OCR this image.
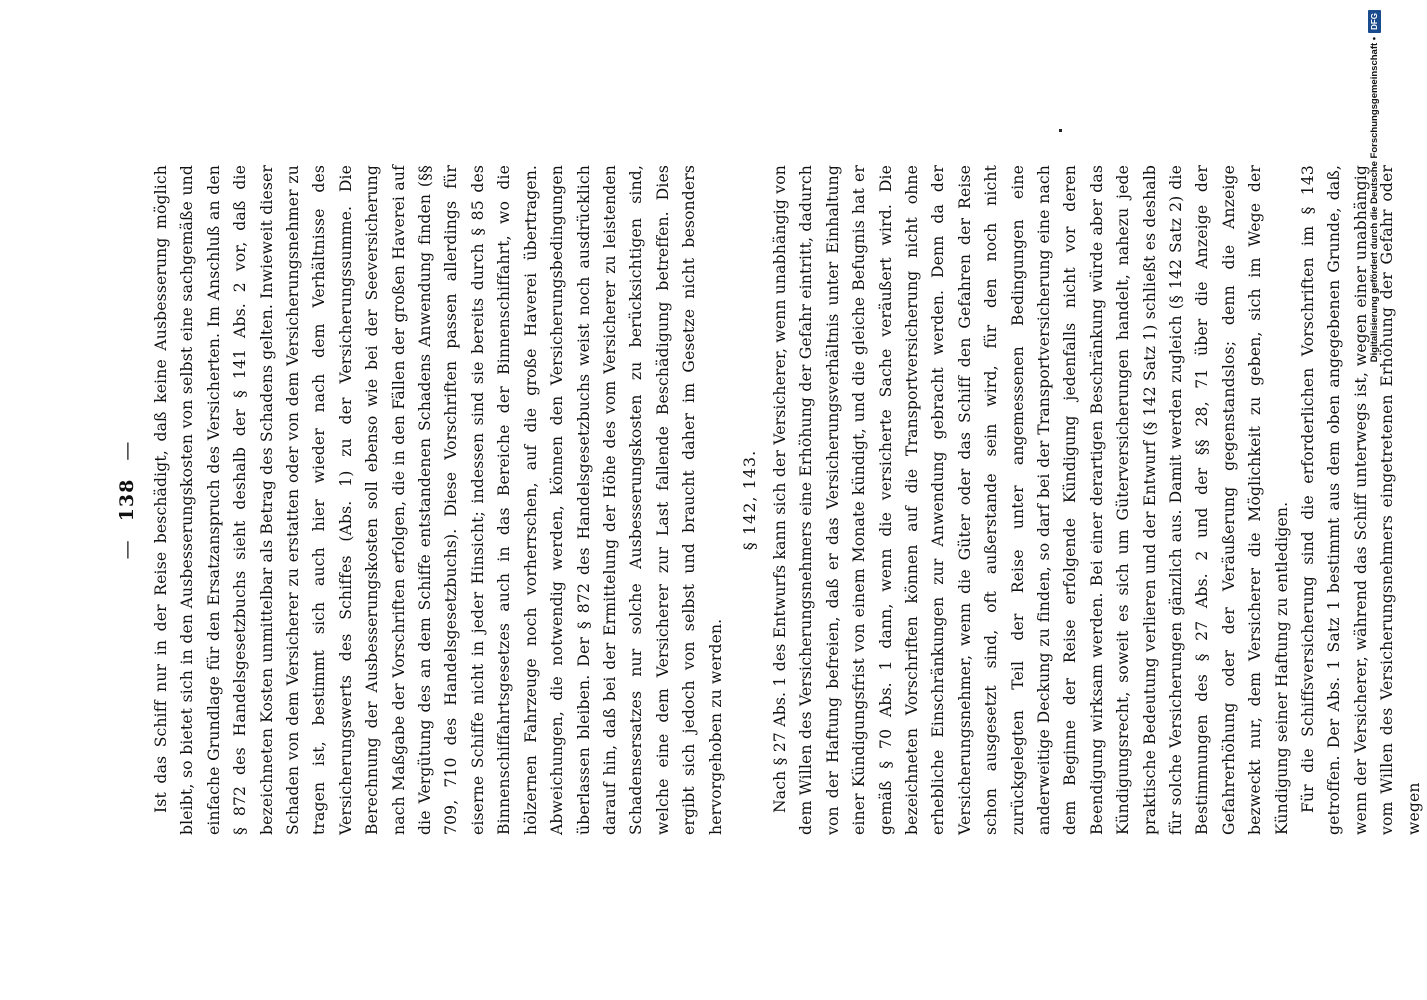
—
138
— Ist das Schiff nur in der Reise beschädigt, daß keine Ausbesserung möglich bleibt, so bietet sich in den Ausbesserungskosten von selbst eine sachgemäße und einfache Grundlage für den Ersatzanspruch des Versicherten. Im Anschluß an den § 872 des Handelsgesetzbuchs sieht deshalb der § 141 Abs. 2 vor, daß die bezeichneten Kosten unmittelbar als Betrag des Schadens gelten. Inwieweit dieser Schaden von dem Versicherer zu erstatten oder von dem Versicherungsnehmer zu tragen ist, bestimmt sich auch hier wieder nach dem Verhältnisse des Versicherungswerts des Schiffes (Abs. 1) zu der Versicherungssumme. Die Berechnung der Ausbesserungskosten soll ebenso wie bei der Seeversicherung nach Maßgabe der Vorschriften erfolgen, die in den Fällen der großen Haverei auf die Vergütung des an dem Schiffe entstandenen Schadens Anwendung finden (§§ 709, 710 des Handelsgesetzbuchs). Diese Vorschriften passen allerdings für eiserne Schiffe nicht in jeder Hinsicht; indessen sind sie bereits durch § 85 des Binnenschiffahrtsgesetzes auch in das Bereiche der Binnenschiffahrt, wo die hölzernen Fahrzeuge noch vorherrschen, auf die große Haverei übertragen. Abweichungen, die notwendig werden, können den Versicherungsbedingungen überlassen bleiben. Der § 872 des Handelsgesetzbuchs weist noch ausdrücklich darauf hin, daß bei der Ermittelung der Höhe des vom Versicherer zu leistenden Schadensersatzes nur solche Ausbesserungskosten zu berücksichtigen sind, welche eine dem Versicherer zur Last fallende Beschädigung betreffen. Dies ergibt sich jedoch von selbst und braucht daher im Gesetze nicht besonders hervorgehoben zu werden.

§ 142, 143. Nach § 27 Abs. 1 des Entwurfs kann sich der Versicherer, wenn unabhängig von dem Willen des Versicherungsnehmers eine Erhöhung der Gefahr eintritt, dadurch von der Haftung befreien, daß er das Versicherungsverhältnis unter Einhaltung einer Kündigungsfrist von einem Monate kündigt, und die gleiche Befugnis hat er gemäß § 70 Abs. 1 dann, wenn die versicherte Sache veräußert wird. Die bezeichneten Vorschriften können auf die Transportversicherung nicht ohne erhebliche Einschränkungen zur Anwendung gebracht werden. Denn da der Versicherungsnehmer, wenn die Güter oder das Schiff den Gefahren der Reise schon ausgesetzt sind, oft außerstande sein wird, für den noch nicht zurückgelegten Teil der Reise unter angemessenen Bedingungen eine anderweitige Deckung zu finden, so darf bei der Transportversicherung eine nach dem Beginne der Reise erfolgende Kündigung jedenfalls nicht vor deren Beendigung wirksam werden. Bei einer derartigen Beschränkung würde aber das Kündigungsrecht, soweit es sich um Güterversicherungen handelt, nahezu jede praktische Bedeutung verlieren und der Entwurf (§ 142 Satz 1) schließt es deshalb für solche Versicherungen gänzlich aus. Damit werden zugleich (§ 142 Satz 2) die Bestimmungen des § 27 Abs. 2 und der §§ 28, 71 über die Anzeige der Gefahrerhöhung oder der Veräußerung gegenstandslos; denn die Anzeige bezweckt nur, dem Versicherer die Möglichkeit zu geben, sich im Wege der Kündigung seiner Haftung zu entledigen. Für die Schiffsversicherung sind die erforderlichen Vorschriften im § 143 getroffen. Der Abs. 1 Satz 1 bestimmt aus dem oben angegebenen Grunde, daß, wenn der Versicherer, während das Schiff unterwegs ist, wegen einer unabhängig vom Willen des Versicherungsnehmers eingetretenen Erhöhung der Gefahr oder wegen

Digitalisierung gefördert durch die Deutsche Forschungsgemeinschaft •
DFG
